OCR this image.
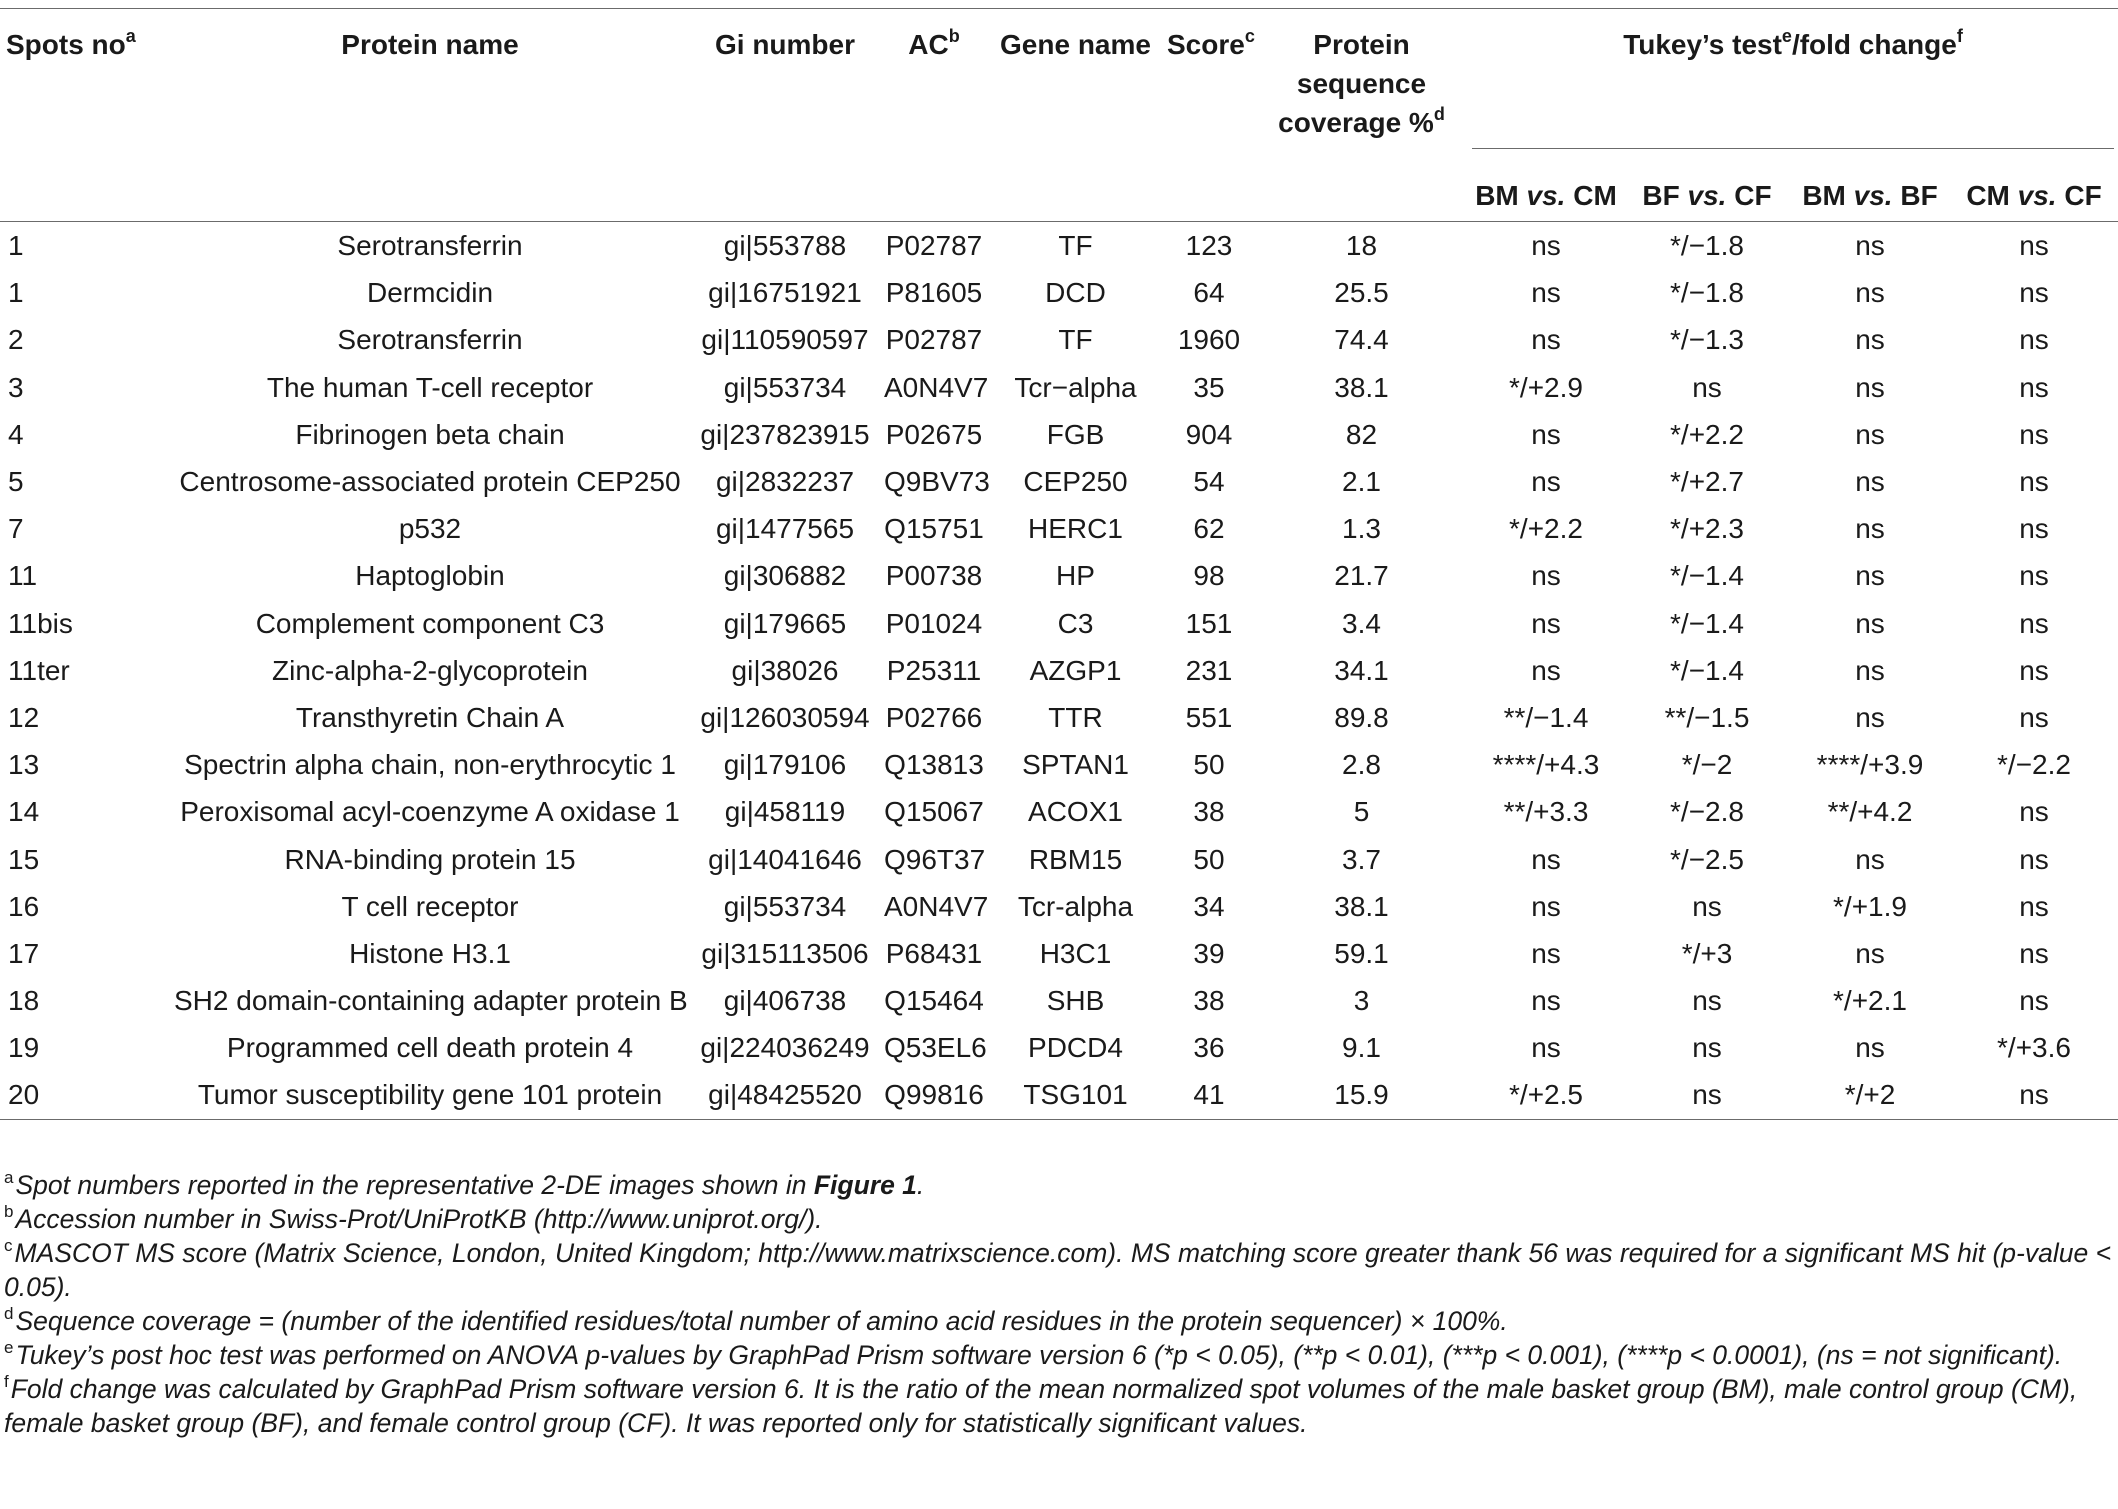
Spots $no^a$	Protein name	Gi number	$AC^b$	Gene name	Score$^c$	Protein
sequence
coverage %$^d$	Tukey’s test$^e$/fold change$^f$

							BM vs. CM	BF vs. CF	BM vs. BF	CM vs. CF
1	Serotransferrin	gi|553788	P02787	TF	123	18	ns	*/−1.8	ns	ns
1	Dermcidin	gi|16751921	P81605	DCD	64	25.5	ns	*/−1.8	ns	ns
2	Serotransferrin	gi|110590597	P02787	TF	1960	74.4	ns	*/−1.3	ns	ns
3	The human T-cell receptor	gi|553734	A0N4V7	Tcr−alpha	35	38.1	*/+2.9	ns	ns	ns
4	Fibrinogen beta chain	gi|237823915	P02675	FGB	904	82	ns	*/+2.2	ns	ns
5	Centrosome-associated protein CEP250	gi|2832237	Q9BV73	CEP250	54	2.1	ns	*/+2.7	ns	ns
7	p532	gi|1477565	Q15751	HERC1	62	1.3	*/+2.2	*/+2.3	ns	ns
11	Haptoglobin	gi|306882	P00738	HP	98	21.7	ns	*/−1.4	ns	ns
11bis	Complement component C3	gi|179665	P01024	C3	151	3.4	ns	*/−1.4	ns	ns
11ter	Zinc-alpha-2-glycoprotein	gi|38026	P25311	AZGP1	231	34.1	ns	*/−1.4	ns	ns
12	Transthyretin Chain A	gi|126030594	P02766	TTR	551	89.8	**/−1.4	**/−1.5	ns	ns
13	Spectrin alpha chain, non-erythrocytic 1	gi|179106	Q13813	SPTAN1	50	2.8	****/+4.3	*/−2	****/+3.9	*/−2.2
14	Peroxisomal acyl-coenzyme A oxidase 1	gi|458119	Q15067	ACOX1	38	5	**/+3.3	*/−2.8	**/+4.2	ns
15	RNA-binding protein 15	gi|14041646	Q96T37	RBM15	50	3.7	ns	*/−2.5	ns	ns
16	T cell receptor	gi|553734	A0N4V7	Tcr-alpha	34	38.1	ns	ns	*/+1.9	ns
17	Histone H3.1	gi|315113506	P68431	H3C1	39	59.1	ns	*/+3	ns	ns
18	SH2 domain-containing adapter protein B	gi|406738	Q15464	SHB	38	3	ns	ns	*/+2.1	ns
19	Programmed cell death protein 4	gi|224036249	Q53EL6	PDCD4	36	9.1	ns	ns	ns	*/+3.6
20	Tumor susceptibility gene 101 protein	gi|48425520	Q99816	TSG101	41	15.9	*/+2.5	ns	*/+2	ns

$^a$Spot numbers reported in the representative 2-DE images shown in Figure 1.

$^b$Accession number in Swiss-Prot/UniProtKB (http://www.uniprot.org/).

$^c$MASCOT MS score (Matrix Science, London, United Kingdom; http://www.matrixscience.com). MS matching score greater thank 56 was required for a significant MS hit (p-value < 0.05).

$^d$Sequence coverage = (number of the identified residues/total number of amino acid residues in the protein sequencer) × 100%.

$^e$Tukey’s post hoc test was performed on ANOVA p-values by GraphPad Prism software version 6 (*p < 0.05), (**p < 0.01), (***p < 0.001), (****p < 0.0001), (ns = not significant).

$^f$Fold change was calculated by GraphPad Prism software version 6. It is the ratio of the mean normalized spot volumes of the male basket group (BM), male control group (CM), female basket group (BF), and female control group (CF). It was reported only for statistically significant values.
